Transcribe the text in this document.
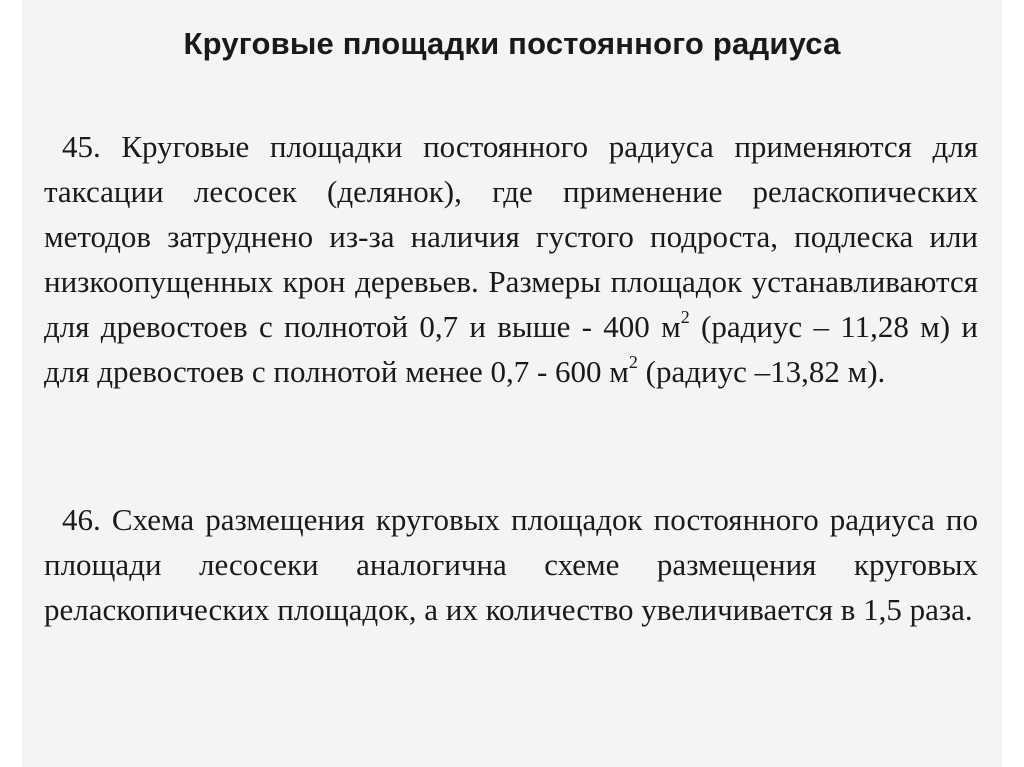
Круговые площадки постоянного радиуса

45. Круговые площадки постоянного радиуса применяются для таксации лесосек (делянок), где применение реласкопических методов затруднено из-за наличия густого подроста, подлеска или низкоопущенных крон деревьев. Размеры площадок устанавливаются для древостоев с полнотой 0,7 и выше - 400 $м^2$ (радиус – 11,28 м) и для древостоев с полнотой менее 0,7 - 600 $м^2$ (радиус –13,82 м).

46. Схема размещения круговых площадок постоянного радиуса по площади лесосеки аналогична схеме размещения круговых реласкопических площадок, а их количество увеличивается в 1,5 раза.
